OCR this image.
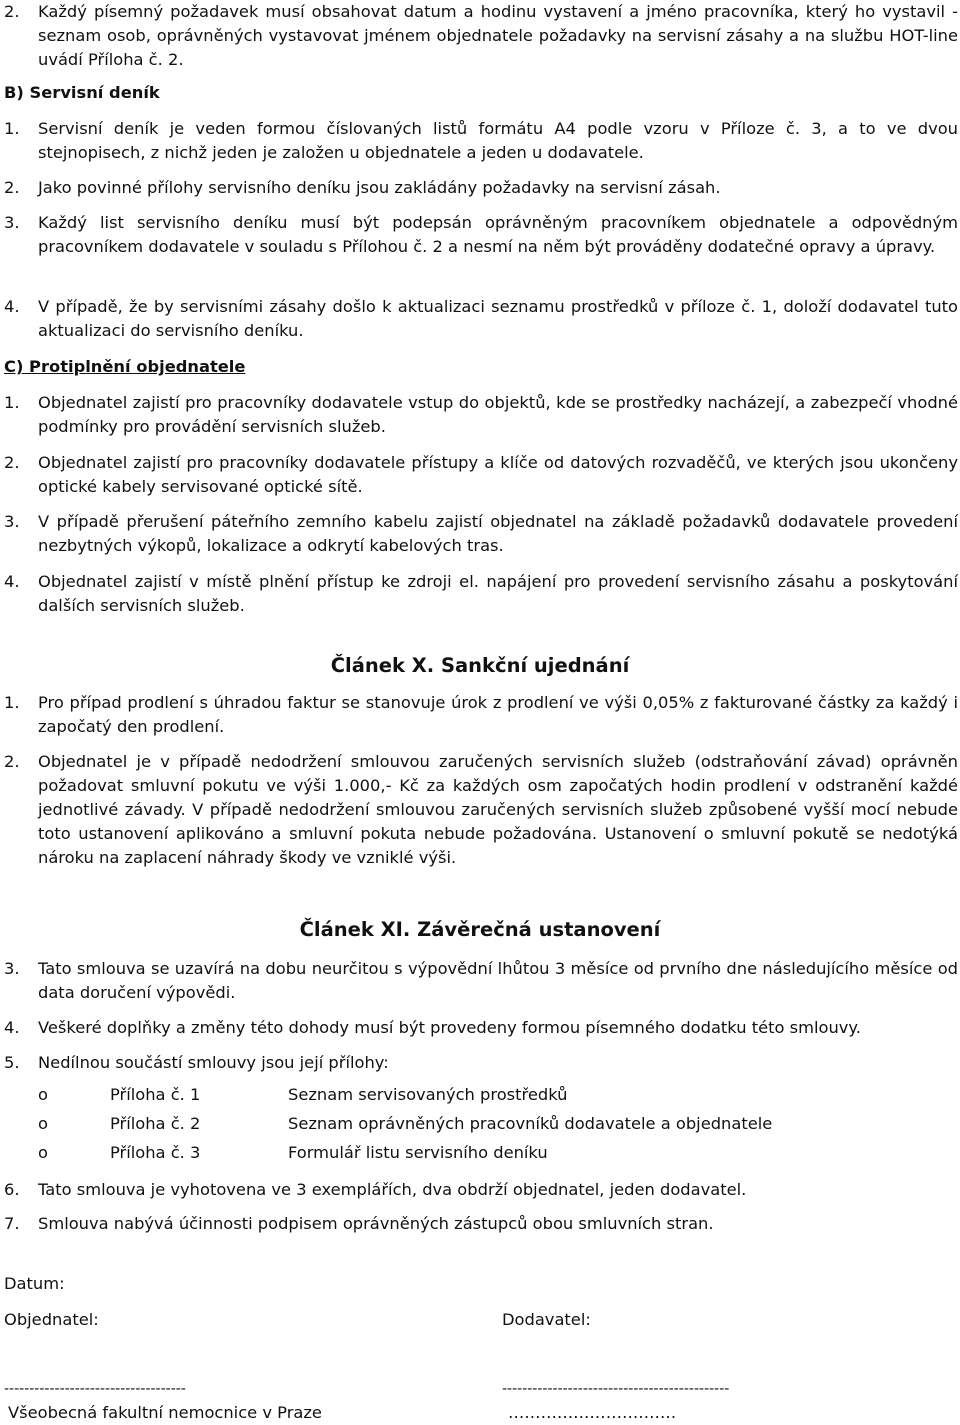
2. Každý písemný požadavek musí obsahovat datum a hodinu vystavení a jméno pracovníka, který ho vystavil - seznam osob, oprávněných vystavovat jménem objednatele požadavky na servisní zásahy a na službu HOT-line uvádí Příloha č. 2.
B) Servisní deník
1. Servisní deník je veden formou číslovaných listů formátu A4 podle vzoru v Příloze č. 3, a to ve dvou stejnopisech, z nichž jeden je založen u objednatele a jeden u dodavatele.
2. Jako povinné přílohy servisního deníku jsou zakládány požadavky na servisní zásah.
3. Každý list servisního deníku musí být podepsán oprávněným pracovníkem objednatele a odpovědným pracovníkem dodavatele v souladu s Přílohou č. 2 a nesmí na něm být prováděny dodatečné opravy a úpravy.
4. V případě, že by servisními zásahy došlo k aktualizaci seznamu prostředků v příloze č. 1, doloží dodavatel tuto aktualizaci do servisního deníku.
C) Protiplnění objednatele
1. Objednatel zajistí pro pracovníky dodavatele vstup do objektů, kde se prostředky nacházejí, a zabezpečí vhodné podmínky pro provádění servisních služeb.
2. Objednatel zajistí pro pracovníky dodavatele přístupy a klíče od datových rozvaděčů, ve kterých jsou ukončeny optické kabely servisované optické sítě.
3. V případě přerušení páteřního zemního kabelu zajistí objednatel na základě požadavků dodavatele provedení nezbytných výkopů, lokalizace a odkrytí kabelových tras.
4. Objednatel zajistí v místě plnění přístup ke zdroji el. napájení pro provedení servisního zásahu a poskytování dalších servisních služeb.
Článek X. Sankční ujednání
1. Pro případ prodlení s úhradou faktur se stanovuje úrok z prodlení ve výši 0,05% z fakturované částky za každý i započatý den prodlení.
2. Objednatel je v případě nedodržení smlouvou zaručených servisních služeb (odstraňování závad) oprávněn požadovat smluvní pokutu ve výši 1.000,- Kč za každých osm započatých hodin prodlení v odstranění každé jednotlivé závady. V případě nedodržení smlouvou zaručených servisních služeb způsobené vyšší mocí nebude toto ustanovení aplikováno a smluvní pokuta nebude požadována. Ustanovení o smluvní pokutě se nedotýká nároku na zaplacení náhrady škody ve vzniklé výši.
Článek XI. Závěrečná ustanovení
3. Tato smlouva se uzavírá na dobu neurčitou s výpovědní lhůtou 3 měsíce od prvního dne následujícího měsíce od data doručení výpovědi.
4. Veškeré doplňky a změny této dohody musí být provedeny formou písemného dodatku této smlouvy.
5. Nedílnou součástí smlouvy jsou její přílohy:
o	Příloha č. 1	Seznam servisovaných prostředků
o	Příloha č. 2	Seznam oprávněných pracovníků dodavatele a objednatele
o	Příloha č. 3	Formulář listu servisního deníku
6. Tato smlouva je vyhotovena ve 3 exemplářích, dva obdrží objednatel, jeden dodavatel.
7. Smlouva nabývá účinnosti podpisem oprávněných zástupců obou smluvních stran.
Datum:
Objednatel:	Dodavatel:
------------------------------------	---------------------------------------------
Všeobecná fakultní nemocnice v Praze	………………………….
